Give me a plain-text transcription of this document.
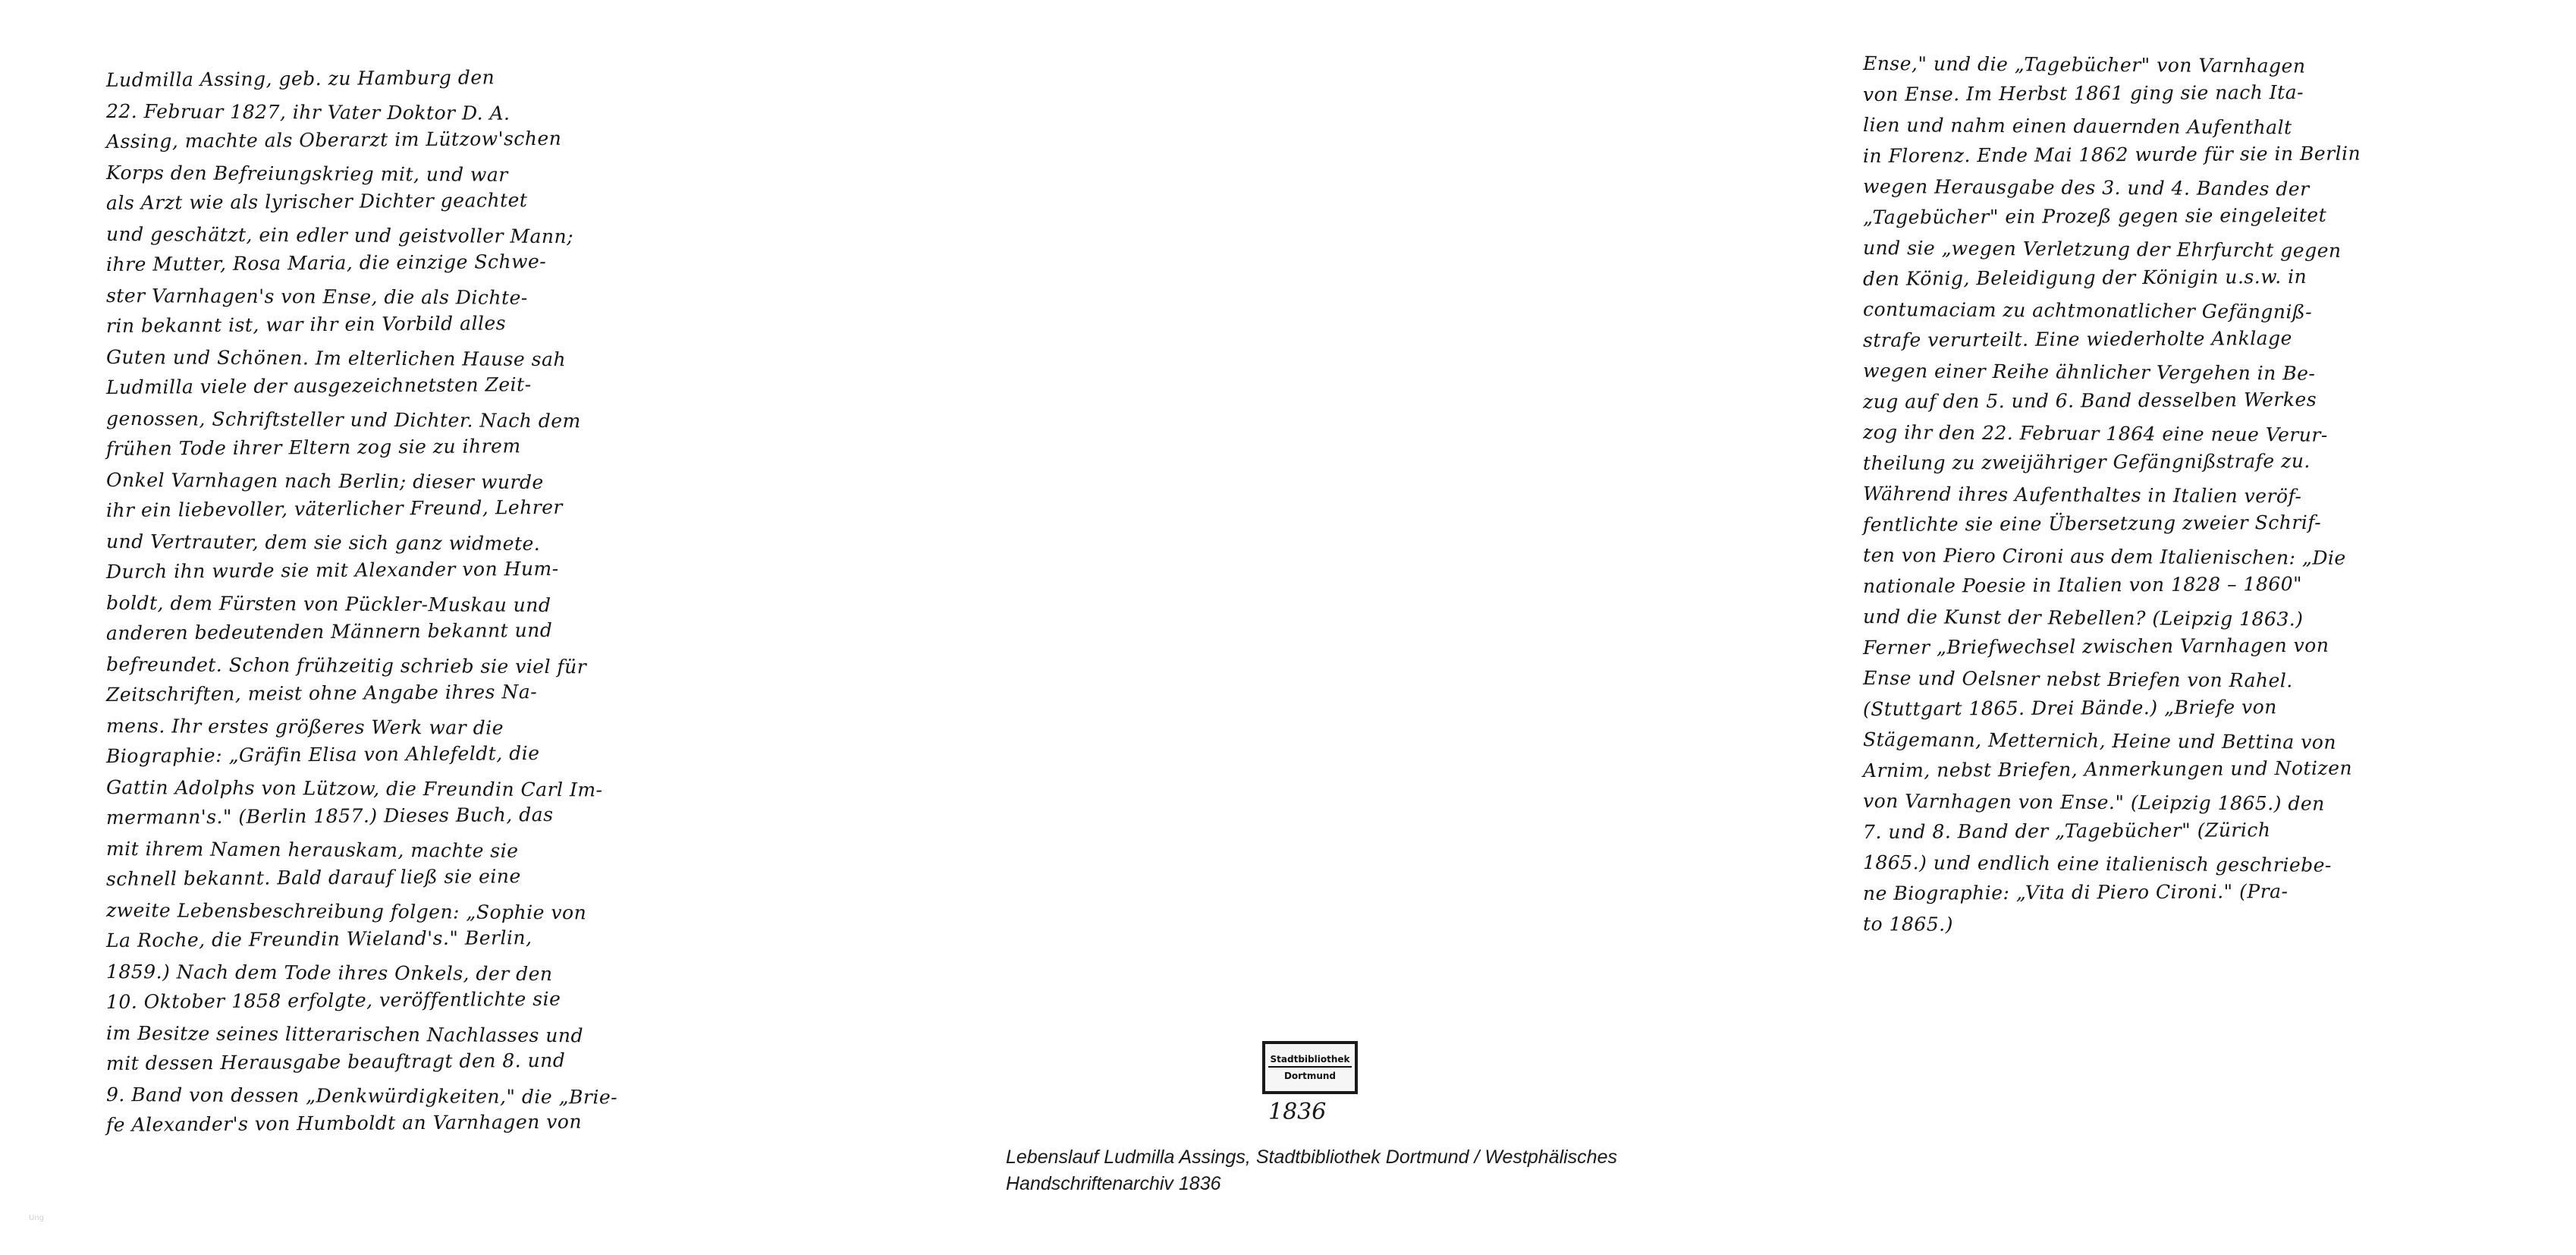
Ludmilla Assing, geb. zu Hamburg den
22. Februar 1827, ihr Vater Doktor D. A.
Assing, machte als Oberarzt im Lützow'schen
Korps den Befreiungskrieg mit, und war
als Arzt wie als lyrischer Dichter geachtet
und geschätzt, ein edler und geistvoller Mann;
ihre Mutter, Rosa Maria, die einzige Schwe-
ster Varnhagen's von Ense, die als Dichte-
rin bekannt ist, war ihr ein Vorbild alles
Guten und Schönen. Im elterlichen Hause sah
Ludmilla viele der ausgezeichnetsten Zeit-
genossen, Schriftsteller und Dichter. Nach dem
frühen Tode ihrer Eltern zog sie zu ihrem
Onkel Varnhagen nach Berlin; dieser wurde
ihr ein liebevoller, väterlicher Freund, Lehrer
und Vertrauter, dem sie sich ganz widmete.
Durch ihn wurde sie mit Alexander von Hum-
boldt, dem Fürsten von Pückler-Muskau und
anderen bedeutenden Männern bekannt und
befreundet. Schon frühzeitig schrieb sie viel für
Zeitschriften, meist ohne Angabe ihres Na-
mens. Ihr erstes größeres Werk war die
Biographie: „Gräfin Elisa von Ahlefeldt, die
Gattin Adolphs von Lützow, die Freundin Carl Im-
mermann's." (Berlin 1857.) Dieses Buch, das
mit ihrem Namen herauskam, machte sie
schnell bekannt. Bald darauf ließ sie eine
zweite Lebensbeschreibung folgen: „Sophie von
La Roche, die Freundin Wieland's." Berlin,
1859.) Nach dem Tode ihres Onkels, der den
10. Oktober 1858 erfolgte, veröffentlichte sie
im Besitze seines litterarischen Nachlasses und
mit dessen Herausgabe beauftragt den 8. und
9. Band von dessen „Denkwürdigkeiten," die „Brie-
fe Alexander's von Humboldt an Varnhagen von
Ense," und die „Tagebücher" von Varnhagen
von Ense. Im Herbst 1861 ging sie nach Ita-
lien und nahm einen dauernden Aufenthalt
in Florenz. Ende Mai 1862 wurde für sie in Berlin
wegen Herausgabe des 3. und 4. Bandes der
„Tagebücher" ein Prozeß gegen sie eingeleitet
und sie „wegen Verletzung der Ehrfurcht gegen
den König, Beleidigung der Königin u.s.w. in
contumaciam zu achtmonatlicher Gefängniß-
strafe verurteilt. Eine wiederholte Anklage
wegen einer Reihe ähnlicher Vergehen in Be-
zug auf den 5. und 6. Band desselben Werkes
zog ihr den 22. Februar 1864 eine neue Verur-
theilung zu zweijähriger Gefängnißstrafe zu.
Während ihres Aufenthaltes in Italien veröf-
fentlichte sie eine Übersetzung zweier Schrif-
ten von Piero Cironi aus dem Italienischen: „Die
nationale Poesie in Italien von 1828 – 1860"
und die Kunst der Rebellen? (Leipzig 1863.)
Ferner „Briefwechsel zwischen Varnhagen von
Ense und Oelsner nebst Briefen von Rahel.
(Stuttgart 1865. Drei Bände.) „Briefe von
Stägemann, Metternich, Heine und Bettina von
Arnim, nebst Briefen, Anmerkungen und Notizen
von Varnhagen von Ense." (Leipzig 1865.) den
7. und 8. Band der „Tagebücher" (Zürich
1865.) und endlich eine italienisch geschriebe-
ne Biographie: „Vita di Piero Cironi." (Pra-
to 1865.)
Stadtbibliothek
Dortmund
1836
Lebenslauf Ludmilla Assings, Stadtbibliothek Dortmund / Westphälisches
Handschriftenarchiv 1836
Ung
